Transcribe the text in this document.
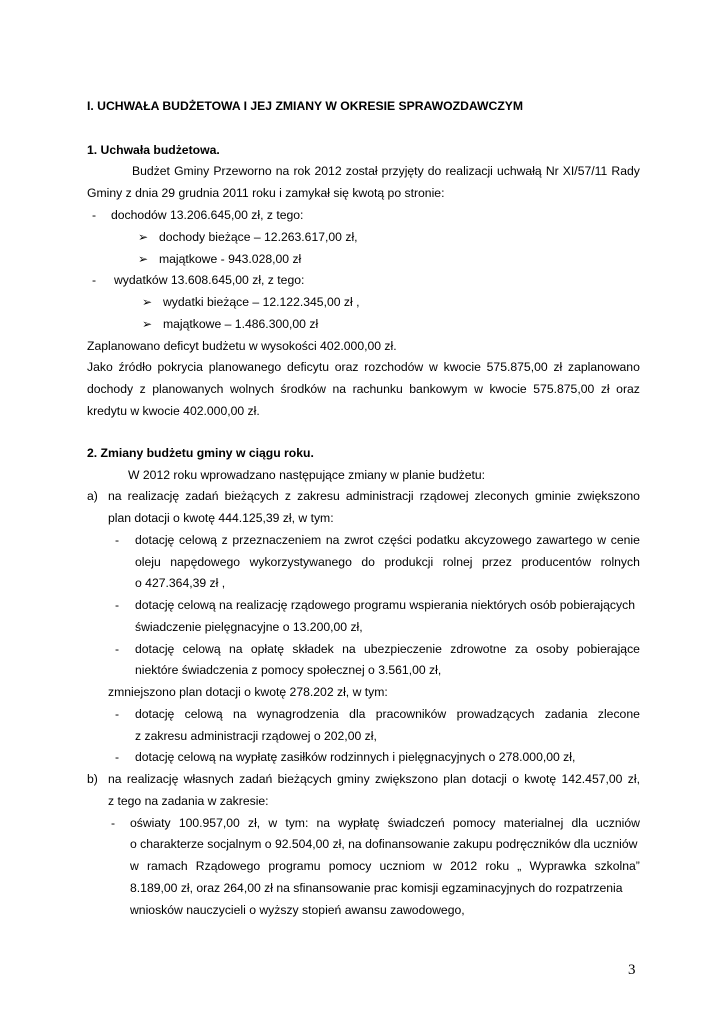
I. UCHWAŁA BUDŻETOWA I JEJ ZMIANY W OKRESIE SPRAWOZDAWCZYM
1. Uchwała budżetowa.
Budżet Gminy Przeworno na rok 2012 został przyjęty do realizacji uchwałą Nr XI/57/11 Rady
Gminy z dnia 29 grudnia 2011 roku i zamykał się kwotą po stronie:
- dochodów 13.206.645,00 zł, z tego:
➢ dochody bieżące – 12.263.617,00 zł,
➢ majątkowe - 943.028,00 zł
- wydatków 13.608.645,00 zł, z tego:
➢ wydatki bieżące – 12.122.345,00 zł ,
➢ majątkowe – 1.486.300,00 zł
Zaplanowano deficyt budżetu w wysokości 402.000,00 zł.
Jako źródło pokrycia planowanego deficytu oraz rozchodów w kwocie 575.875,00 zł zaplanowano
dochody z planowanych wolnych środków na rachunku bankowym w kwocie 575.875,00 zł oraz
kredytu w kwocie 402.000,00 zł.
2. Zmiany budżetu gminy w ciągu roku.
W 2012 roku wprowadzano następujące zmiany w planie budżetu:
a) na realizację zadań bieżących z zakresu administracji rządowej zleconych gminie zwiększono
plan dotacji o kwotę 444.125,39 zł, w tym:
- dotację celową z przeznaczeniem na zwrot części podatku akcyzowego zawartego w cenie
oleju napędowego wykorzystywanego do produkcji rolnej przez producentów rolnych
o 427.364,39 zł ,
- dotację celową na realizację rządowego programu wspierania niektórych osób pobierających
świadczenie pielęgnacyjne o 13.200,00 zł,
- dotację celową na opłatę składek na ubezpieczenie zdrowotne za osoby pobierające
niektóre świadczenia z pomocy społecznej o 3.561,00 zł,
zmniejszono plan dotacji o kwotę 278.202 zł, w tym:
- dotację celową na wynagrodzenia dla pracowników prowadzących zadania zlecone
z zakresu administracji rządowej o 202,00 zł,
- dotację celową na wypłatę zasiłków rodzinnych i pielęgnacyjnych o 278.000,00 zł,
b) na realizację własnych zadań bieżących gminy zwiększono plan dotacji o kwotę 142.457,00 zł,
z tego na zadania w zakresie:
- oświaty 100.957,00 zł, w tym: na wypłatę świadczeń pomocy materialnej dla uczniów
o charakterze socjalnym o 92.504,00 zł, na dofinansowanie zakupu podręczników dla uczniów
w ramach Rządowego programu pomocy uczniom w 2012 roku „ Wyprawka szkolna”
8.189,00 zł, oraz 264,00 zł na sfinansowanie prac komisji egzaminacyjnych do rozpatrzenia
wniosków nauczycieli o wyższy stopień awansu zawodowego,
3
